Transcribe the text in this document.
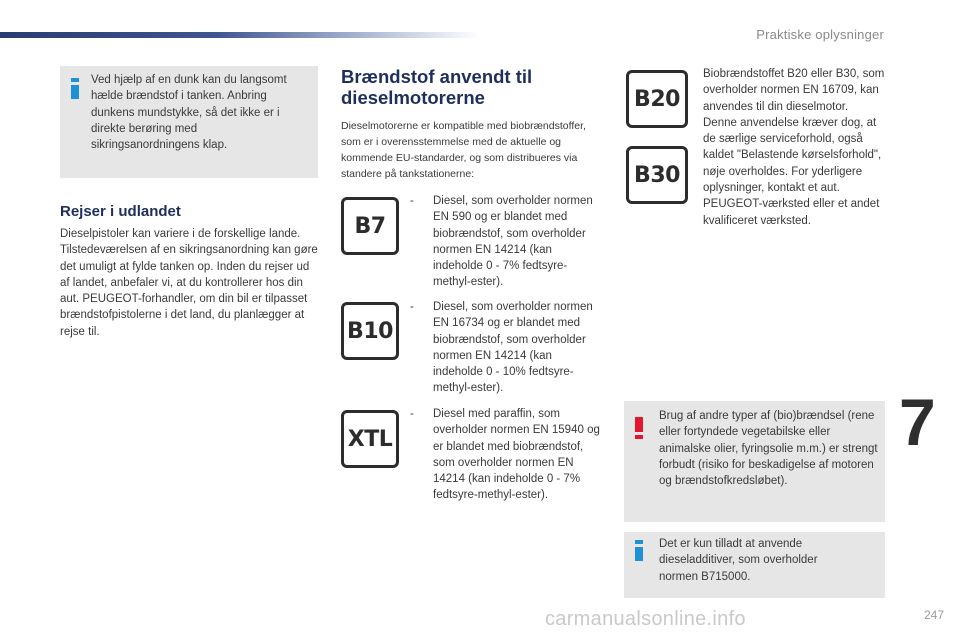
Praktiske oplysninger
Ved hjælp af en dunk kan du langsomt hælde brændstof i tanken. Anbring dunkens mundstykke, så det ikke er i direkte berøring med sikringsanordningens klap.
Rejser i udlandet
Dieselpistoler kan variere i de forskellige lande. Tilstedeværelsen af en sikringsanordning kan gøre det umuligt at fylde tanken op. Inden du rejser ud af landet, anbefaler vi, at du kontrollerer hos din aut. PEUGEOT-forhandler, om din bil er tilpasset brændstofpistolerne i det land, du planlægger at rejse til.
Brændstof anvendt til
dieselmotorerne
Dieselmotorerne er kompatible med biobrændstoffer, som er i overensstemmelse med de aktuelle og kommende EU-standarder, og som distribueres via standere på tankstationerne:
B7
- Diesel, som overholder normen EN 590 og er blandet med biobrændstof, som overholder normen EN 14214 (kan indeholde 0 - 7% fedtsyre-methyl-ester).
B10
- Diesel, som overholder normen EN 16734 og er blandet med biobrændstof, som overholder normen EN 14214 (kan indeholde 0 - 10% fedtsyre-methyl-ester).
XTL
- Diesel med paraffin, som overholder normen EN 15940 og er blandet med biobrændstof, som overholder normen EN 14214 (kan indeholde 0 - 7% fedtsyre-methyl-ester).
B20
B30
Biobrændstoffet B20 eller B30, som overholder normen EN 16709, kan anvendes til din dieselmotor. Denne anvendelse kræver dog, at de særlige serviceforhold, også kaldet "Belastende kørselsforhold", nøje overholdes. For yderligere oplysninger, kontakt et aut. PEUGEOT-værksted eller et andet kvalificeret værksted.
Brug af andre typer af (bio)brændsel (rene eller fortyndede vegetabilske eller animalske olier, fyringsolie m.m.) er strengt forbudt (risiko for beskadigelse af motoren og brændstofkredsløbet).
Det er kun tilladt at anvende dieseladditiver, som overholder normen B715000.
7
carmanualsonline.info	247
